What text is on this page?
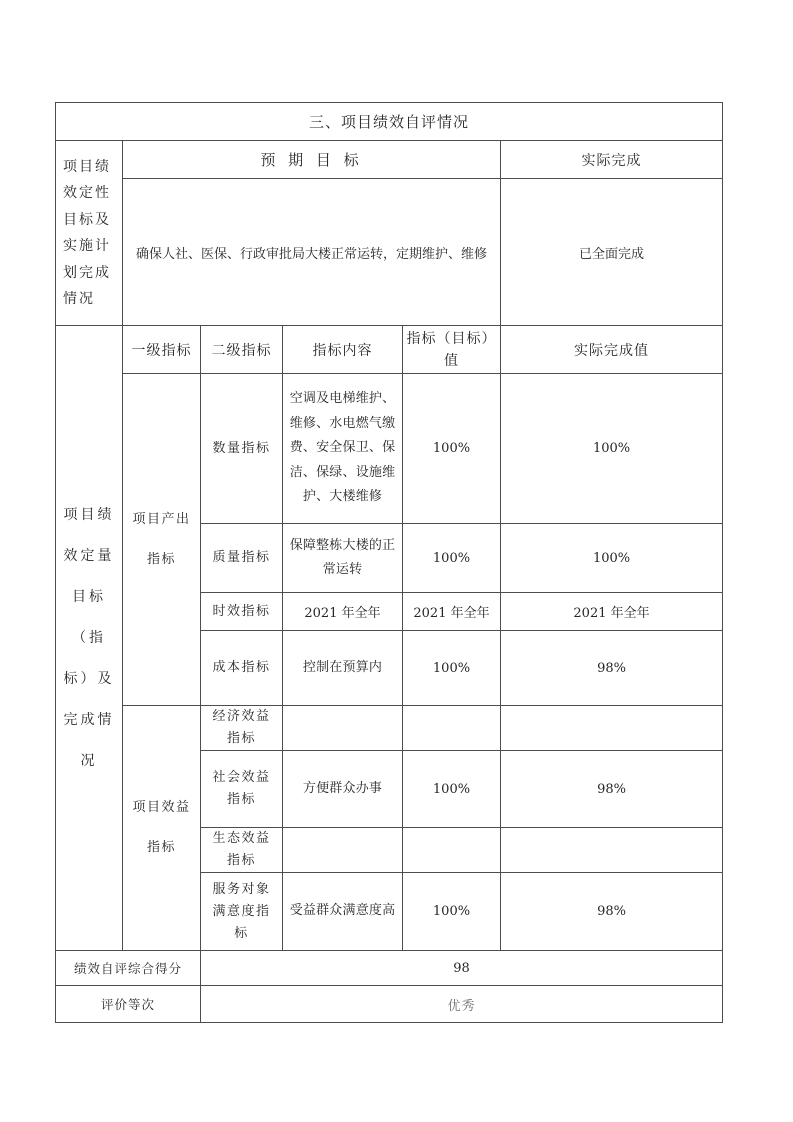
三、项目绩效自评情况					
项目绩效定性目标及实施计划完成情况	预 期 目 标				实际完成
	确保人社、医保、行政审批局大楼正常运转，定期维护、维修				已全面完成
项目绩效定量目标（指标）及完成情况	一级指标	二级指标	指标内容	指标（目标）值	实际完成值
	项目产出指标	数量指标	空调及电梯维护、维修、水电燃气缴费、安全保卫、保洁、保绿、设施维护、大楼维修	100%	100%
		质量指标	保障整栋大楼的正常运转	100%	100%
		时效指标	2021 年全年	2021 年全年	2021 年全年
		成本指标	控制在预算内	100%	98%
	项目效益指标	经济效益指标			
		社会效益指标	方便群众办事	100%	98%
		生态效益指标			
		服务对象满意度指标	受益群众满意度高	100%	98%
绩效自评综合得分		98			
评价等次		优秀			
